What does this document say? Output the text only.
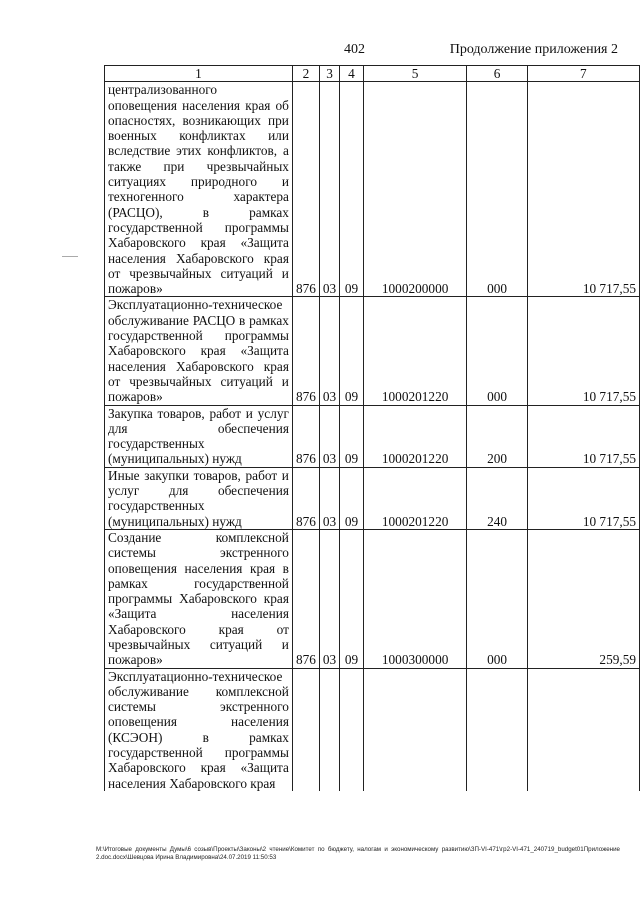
402	Продолжение приложения 2
1	2	3	4	5	6	7
централизованного оповещения населения края об опасностях, возникающих при военных конфликтах или вследствие этих конфликтов, а также при чрезвычайных ситуациях природного и техногенного характера (РАСЦО), в рамках государственной программы Хабаровского края «Защита населения Хабаровского края от чрезвычайных ситуаций и пожаров»	876	03	09	1000200000	000	10 717,55
Эксплуатационно-техническое обслуживание РАСЦО в рамках государственной программы Хабаровского края «Защита населения Хабаровского края от чрезвычайных ситуаций и пожаров»	876	03	09	1000201220	000	10 717,55
Закупка товаров, работ и услуг для обеспечения государственных (муниципальных) нужд	876	03	09	1000201220	200	10 717,55
Иные закупки товаров, работ и услуг для обеспечения государственных (муниципальных) нужд	876	03	09	1000201220	240	10 717,55
Создание комплексной системы экстренного оповещения населения края в рамках государственной программы Хабаровского края «Защита населения Хабаровского края от чрезвычайных ситуаций и пожаров»	876	03	09	1000300000	000	259,59
Эксплуатационно-техническое обслуживание комплексной системы экстренного оповещения населения (КСЭОН) в рамках государственной программы Хабаровского края «Защита населения Хабаровского края						
M:\Итоговые документы Думы\6 созыв\Проекты\Законы\2 чтение\Комитет по бюджету, налогам и экономическому развитию\ЗП-VI-471\гр2-VI-471_240719_budget01Приложение 2.doc.docx\Шевцова Ирина Владимировна\24.07.2019 11:50:53
